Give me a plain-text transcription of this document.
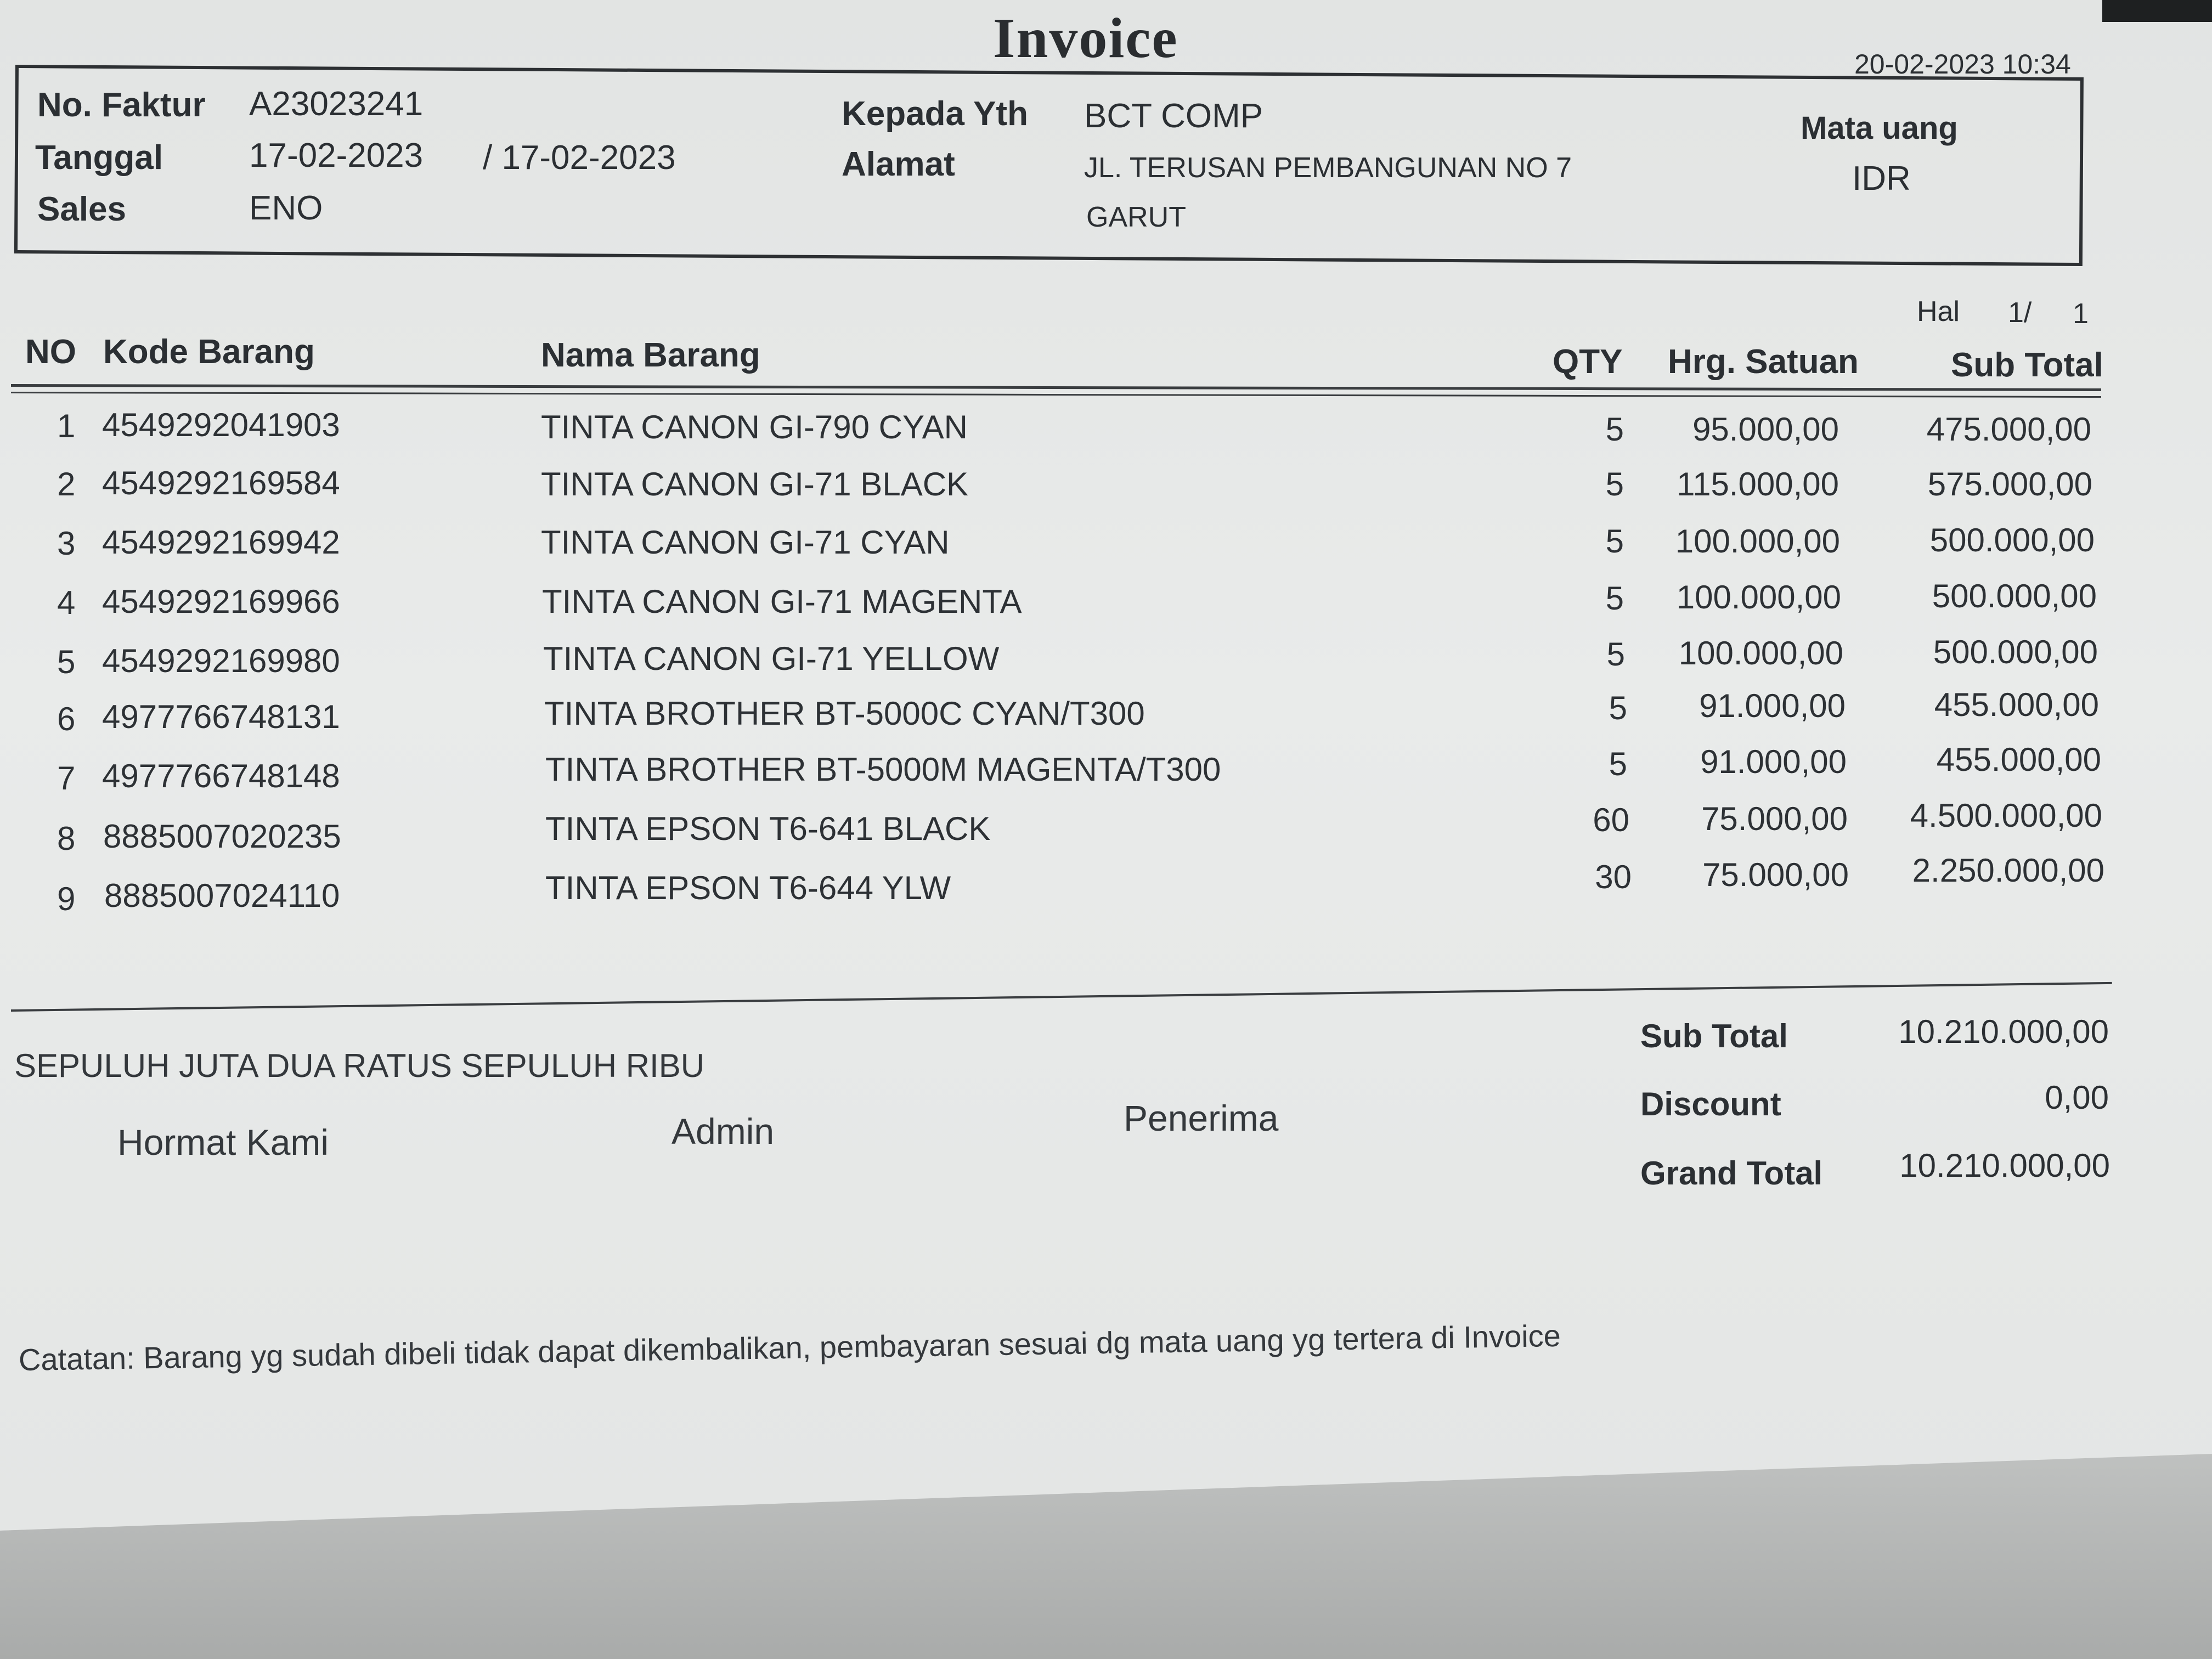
Invoice	20-02-2023 10:34
No. Faktur A23023241
Tanggal	17-02-2023 / 17-02-2023
Sales	ENO
Kepada Yth BCT COMP
Alamat	JL. TERUSAN PEMBANGUNAN NO 7
GARUT
Mata uang
IDR
Hal 1/ 1
NO Kode Barang	Nama Barang	QTY Hrg. Satuan	Sub Total
1 4549292041903	TINTA CANON GI-790 CYAN	5 95.000,00	475.000,00
2 4549292169584	TINTA CANON GI-71 BLACK	5 115.000,00	575.000,00
3 4549292169942	TINTA CANON GI-71 CYAN	5 100.000,00	500.000,00
4 4549292169966	TINTA CANON GI-71 MAGENTA	5 100.000,00	500.000,00
5 4549292169980	TINTA CANON GI-71 YELLOW	5 100.000,00	500.000,00
6 4977766748131	TINTA BROTHER BT-5000C CYAN/T300	5 91.000,00	455.000,00
7 4977766748148	TINTA BROTHER BT-5000M MAGENTA/T300	5 91.000,00	455.000,00
8 8885007020235	TINTA EPSON T6-641 BLACK	60 75.000,00 4.500.000,00
9 8885007024110	TINTA EPSON T6-644 YLW	30 75.000,00 2.250.000,00
SEPULUH JUTA DUA RATUS SEPULUH RIBU
Sub Total	10.210.000,00
Discount	0,00
Grand Total 10.210.000,00
Hormat Kami	Admin	Penerima
Catatan: Barang yg sudah dibeli tidak dapat dikembalikan, pembayaran sesuai dg mata uang yg tertera di Invoice
